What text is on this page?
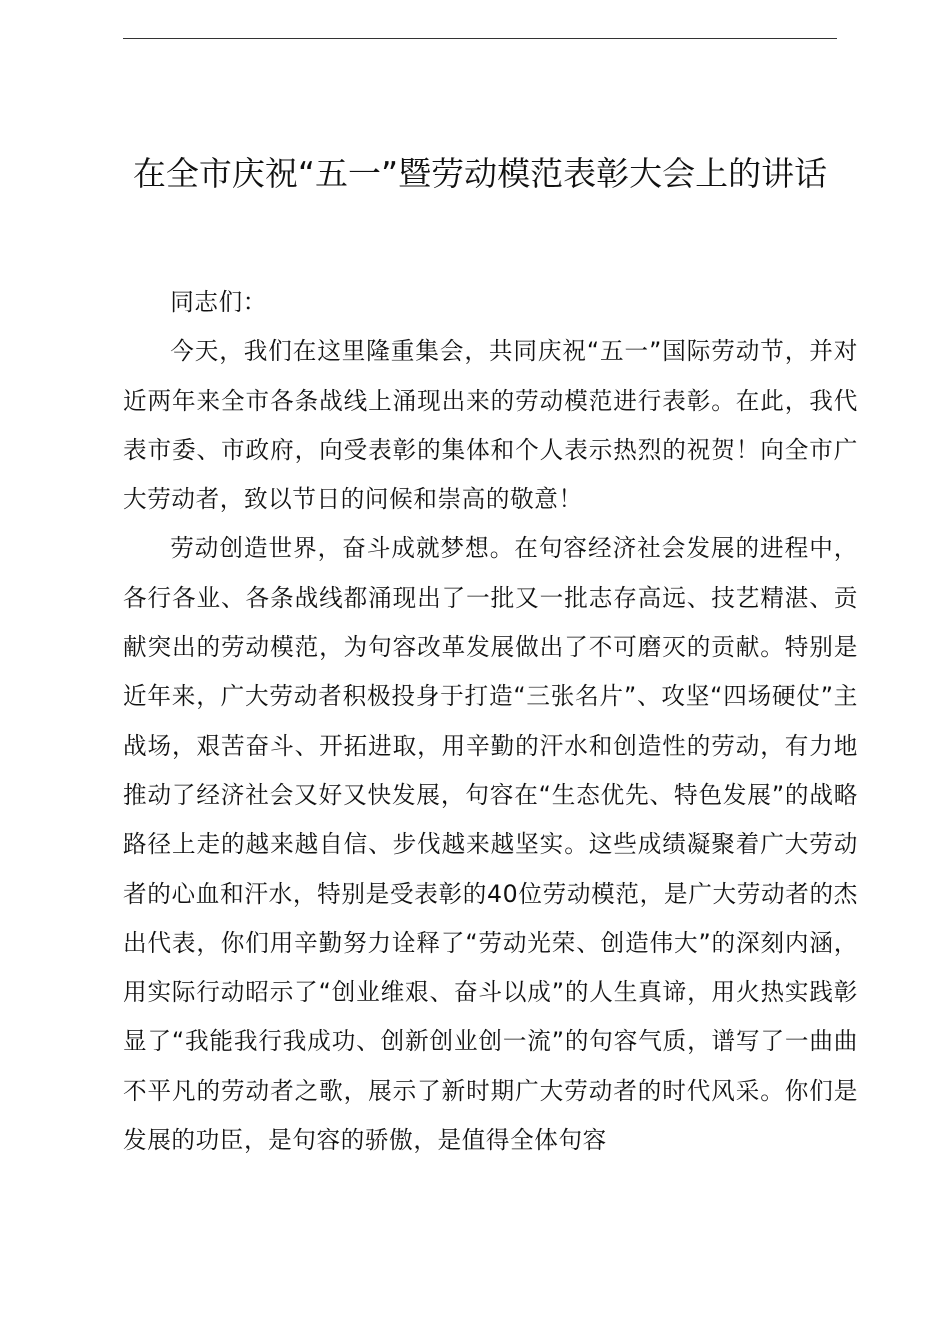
在全市庆祝“五一”暨劳动模范表彰大会上的讲话

同志们：

今天，我们在这里隆重集会，共同庆祝“五一”国际劳动节，并对近两年来全市各条战线上涌现出来的劳动模范进行表彰。在此，我代表市委、市政府，向受表彰的集体和个人表示热烈的祝贺！向全市广大劳动者，致以节日的问候和崇高的敬意！

劳动创造世界，奋斗成就梦想。在句容经济社会发展的进程中，各行各业、各条战线都涌现出了一批又一批志存高远、技艺精湛、贡献突出的劳动模范，为句容改革发展做出了不可磨灭的贡献。特别是近年来，广大劳动者积极投身于打造“三张名片”、攻坚“四场硬仗”主战场，艰苦奋斗、开拓进取，用辛勤的汗水和创造性的劳动，有力地推动了经济社会又好又快发展，句容在“生态优先、特色发展”的战略路径上走的越来越自信、步伐越来越坚实。这些成绩凝聚着广大劳动者的心血和汗水，特别是受表彰的40位劳动模范，是广大劳动者的杰出代表，你们用辛勤努力诠释了“劳动光荣、创造伟大”的深刻内涵，用实际行动昭示了“创业维艰、奋斗以成”的人生真谛，用火热实践彰显了“我能我行我成功、创新创业创一流”的句容气质，谱写了一曲曲不平凡的劳动者之歌，展示了新时期广大劳动者的时代风采。你们是发展的功臣，是句容的骄傲，是值得全体句容
